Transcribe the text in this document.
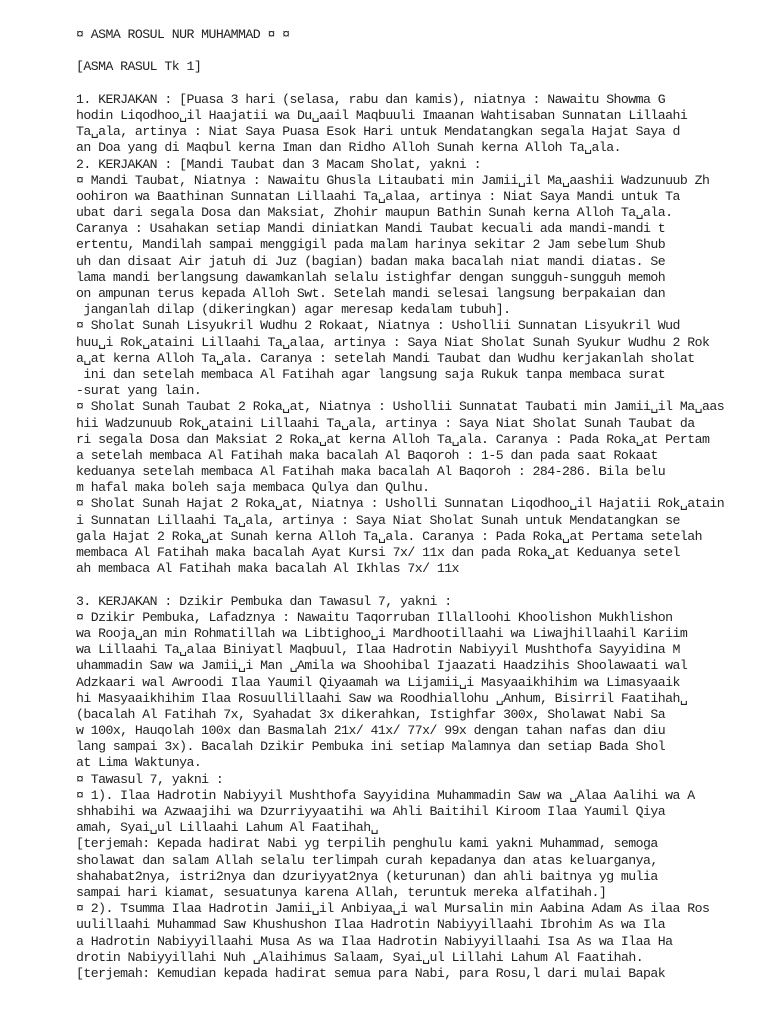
¤ ASMA ROSUL NUR MUHAMMAD ¤ ¤
[ASMA RASUL Tk 1]
1. KERJAKAN : [Puasa 3 hari (selasa, rabu dan kamis), niatnya : Nawaitu Showma G
hodin Liqodhoo␣il Haajatii wa Du␣aail Maqbuuli Imaanan Wahtisaban Sunnatan Lillaahi
Ta␣ala, artinya : Niat Saya Puasa Esok Hari untuk Mendatangkan segala Hajat Saya d
an Doa yang di Maqbul kerna Iman dan Ridho Alloh Sunah kerna Alloh Ta␣ala.
2. KERJAKAN : [Mandi Taubat dan 3 Macam Sholat, yakni :
¤ Mandi Taubat, Niatnya : Nawaitu Ghusla Litaubati min Jamii␣il Ma␣aashii Wadzunuub Zh
oohiron wa Baathinan Sunnatan Lillaahi Ta␣alaa, artinya : Niat Saya Mandi untuk Ta
ubat dari segala Dosa dan Maksiat, Zhohir maupun Bathin Sunah kerna Alloh Ta␣ala.
Caranya : Usahakan setiap Mandi diniatkan Mandi Taubat kecuali ada mandi-mandi t
ertentu, Mandilah sampai menggigil pada malam harinya sekitar 2 Jam sebelum Shub
uh dan disaat Air jatuh di Juz (bagian) badan maka bacalah niat mandi diatas. Se
lama mandi berlangsung dawamkanlah selalu istighfar dengan sungguh-sungguh memoh
on ampunan terus kepada Alloh Swt. Setelah mandi selesai langsung berpakaian dan
janganlah dilap (dikeringkan) agar meresap kedalam tubuh].
¤ Sholat Sunah Lisyukril Wudhu 2 Rokaat, Niatnya : Ushollii Sunnatan Lisyukril Wud
huu␣i Rok␣ataini Lillaahi Ta␣alaa, artinya : Saya Niat Sholat Sunah Syukur Wudhu 2 Rok
a␣at kerna Alloh Ta␣ala. Caranya : setelah Mandi Taubat dan Wudhu kerjakanlah sholat
ini dan setelah membaca Al Fatihah agar langsung saja Rukuk tanpa membaca surat
-surat yang lain.
¤ Sholat Sunah Taubat 2 Roka␣at, Niatnya : Ushollii Sunnatat Taubati min Jamii␣il Ma␣aas
hii Wadzunuub Rok␣ataini Lillaahi Ta␣ala, artinya : Saya Niat Sholat Sunah Taubat da
ri segala Dosa dan Maksiat 2 Roka␣at kerna Alloh Ta␣ala. Caranya : Pada Roka␣at Pertam
a setelah membaca Al Fatihah maka bacalah Al Baqoroh : 1-5 dan pada saat Rokaat
keduanya setelah membaca Al Fatihah maka bacalah Al Baqoroh : 284-286. Bila belu
m hafal maka boleh saja membaca Qulya dan Qulhu.
¤ Sholat Sunah Hajat 2 Roka␣at, Niatnya : Usholli Sunnatan Liqodhoo␣il Hajatii Rok␣atain
i Sunnatan Lillaahi Ta␣ala, artinya : Saya Niat Sholat Sunah untuk Mendatangkan se
gala Hajat 2 Roka␣at Sunah kerna Alloh Ta␣ala. Caranya : Pada Roka␣at Pertama setelah
membaca Al Fatihah maka bacalah Ayat Kursi 7x/ 11x dan pada Roka␣at Keduanya setel
ah membaca Al Fatihah maka bacalah Al Ikhlas 7x/ 11x
3. KERJAKAN : Dzikir Pembuka dan Tawasul 7, yakni :
¤ Dzikir Pembuka, Lafadznya : Nawaitu Taqorruban Illalloohi Khoolishon Mukhlishon
wa Rooja␣an min Rohmatillah wa Libtighoo␣i Mardhootillaahi wa Liwajhillaahil Kariim
wa Lillaahi Ta␣alaa Biniyatl Maqbuul, Ilaa Hadrotin Nabiyyil Mushthofa Sayyidina M
uhammadin Saw wa Jamii␣i Man ␣Amila wa Shoohibal Ijaazati Haadzihis Shoolawaati wal
Adzkaari wal Awroodi Ilaa Yaumil Qiyaamah wa Lijamii␣i Masyaaikhihim wa Limasyaaik
hi Masyaaikhihim Ilaa Rosuullillaahi Saw wa Roodhiallohu ␣Anhum, Bisirril Faatihah␣
(bacalah Al Fatihah 7x, Syahadat 3x dikerahkan, Istighfar 300x, Sholawat Nabi Sa
w 100x, Hauqolah 100x dan Basmalah 21x/ 41x/ 77x/ 99x dengan tahan nafas dan diu
lang sampai 3x). Bacalah Dzikir Pembuka ini setiap Malamnya dan setiap Bada Shol
at Lima Waktunya.
¤ Tawasul 7, yakni :
¤ 1). Ilaa Hadrotin Nabiyyil Mushthofa Sayyidina Muhammadin Saw wa ␣Alaa Aalihi wa A
shhabihi wa Azwaajihi wa Dzurriyyaatihi wa Ahli Baitihil Kiroom Ilaa Yaumil Qiya
amah, Syai␣ul Lillaahi Lahum Al Faatihah␣
[terjemah: Kepada hadirat Nabi yg terpilih penghulu kami yakni Muhammad, semoga
sholawat dan salam Allah selalu terlimpah curah kepadanya dan atas keluarganya,
shahabat2nya, istri2nya dan dzuriyyat2nya (keturunan) dan ahli baitnya yg mulia
sampai hari kiamat, sesuatunya karena Allah, teruntuk mereka alfatihah.]
¤ 2). Tsumma Ilaa Hadrotin Jamii␣il Anbiyaa␣i wal Mursalin min Aabina Adam As ilaa Ros
uulillaahi Muhammad Saw Khushushon Ilaa Hadrotin Nabiyyillaahi Ibrohim As wa Ila
a Hadrotin Nabiyyillaahi Musa As wa Ilaa Hadrotin Nabiyyillaahi Isa As wa Ilaa Ha
drotin Nabiyyillahi Nuh ␣Alaihimus Salaam, Syai␣ul Lillahi Lahum Al Faatihah.
[terjemah: Kemudian kepada hadirat semua para Nabi, para Rosu,l dari mulai Bapak
